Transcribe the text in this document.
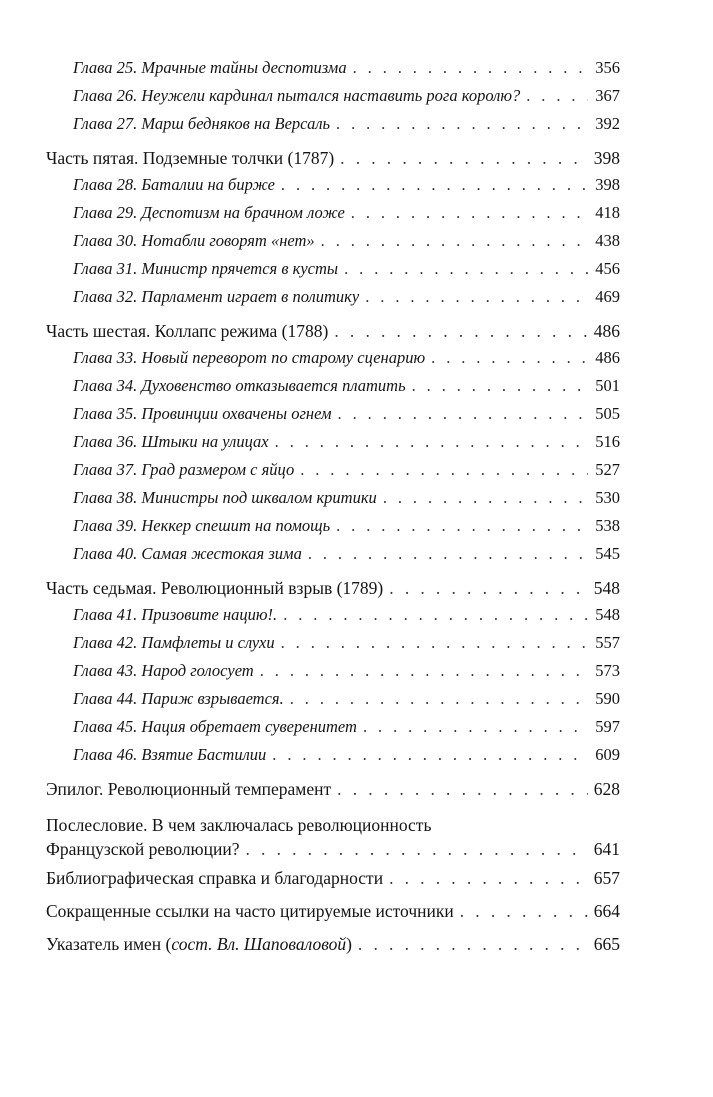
Глава 25. Мрачные тайны деспотизма . . .	356
Глава 26. Неужели кардинал пытался наставить рога королю? . . .	367
Глава 27. Марш бедняков на Версаль . . .	392
Часть пятая. Подземные толчки (1787) . . .	398
Глава 28. Баталии на бирже . . .	398
Глава 29. Деспотизм на брачном ложе . . .	418
Глава 30. Нотабли говорят «нет» . . .	438
Глава 31. Министр прячется в кусты . . .	456
Глава 32. Парламент играет в политику . . .	469
Часть шестая. Коллапс режима (1788) . . .	486
Глава 33. Новый переворот по старому сценарию . . .	486
Глава 34. Духовенство отказывается платить . . .	501
Глава 35. Провинции охвачены огнем . . .	505
Глава 36. Штыки на улицах . . .	516
Глава 37. Град размером с яйцо . . .	527
Глава 38. Министры под шквалом критики . . .	530
Глава 39. Неккер спешит на помощь . . .	538
Глава 40. Самая жестокая зима . . .	545
Часть седьмая. Революционный взрыв (1789) . . .	548
Глава 41. Призовите нацию!. . . .	548
Глава 42. Памфлеты и слухи . . .	557
Глава 43. Народ голосует . . .	573
Глава 44. Париж взрывается. . . .	590
Глава 45. Нация обретает суверенитет . . .	597
Глава 46. Взятие Бастилии . . .	609
Эпилог. Революционный темперамент . . .	628
Послесловие. В чем заключалась революционность
Французской революции? . . .	641
Библиографическая справка и благодарности . . .	657
Сокращенные ссылки на часто цитируемые источники . . .	664
Указатель имен (сост. Вл. Шаповаловой) . . .	665
